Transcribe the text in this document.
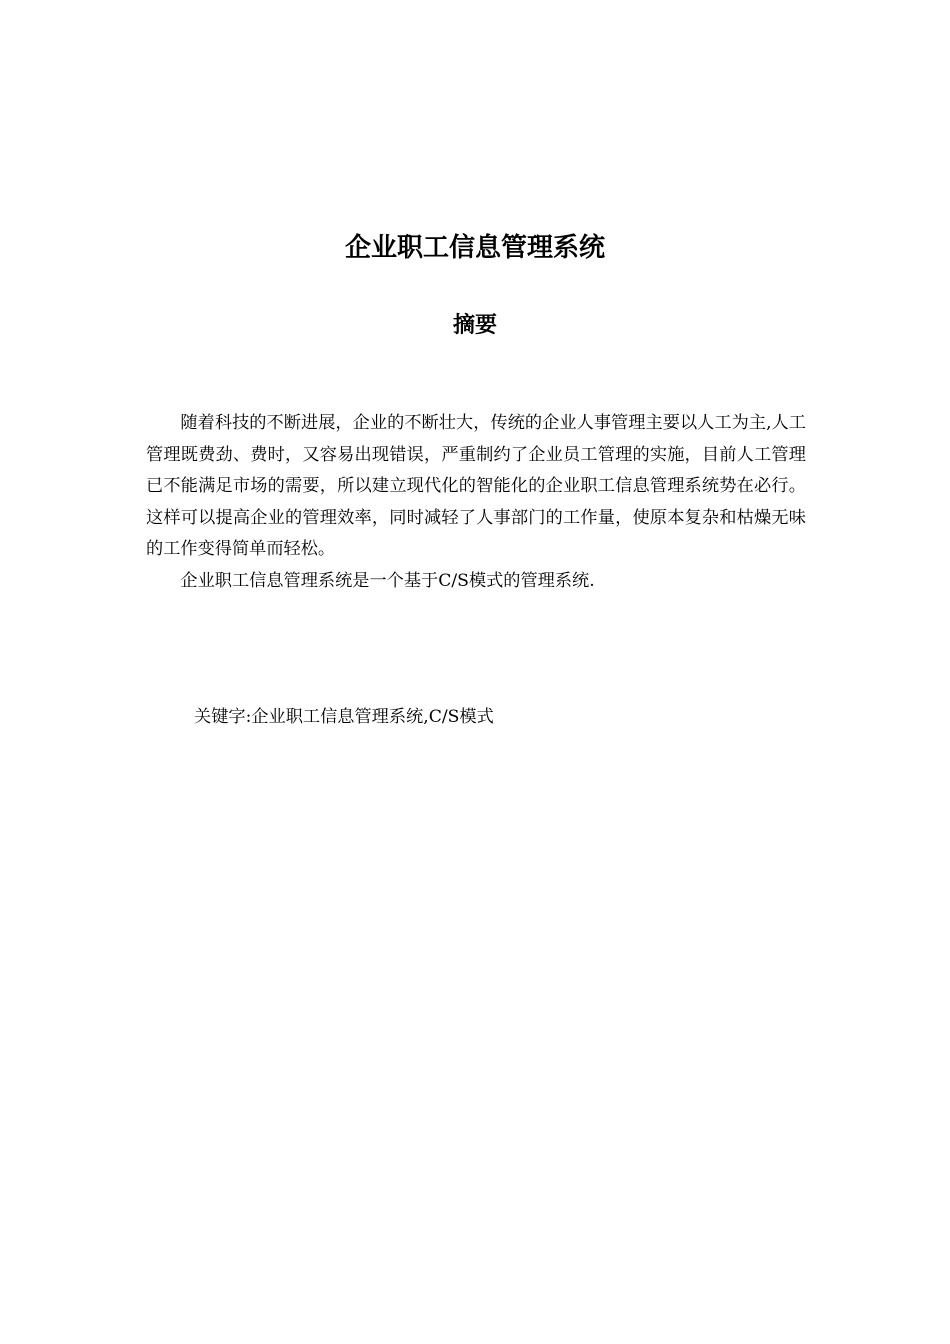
企业职工信息管理系统
摘要

随着科技的不断进展，企业的不断壮大，传统的企业人事管理主要以人工为主,人工管理既费劲、费时，又容易出现错误，严重制约了企业员工管理的实施，目前人工管理已不能满足市场的需要，所以建立现代化的智能化的企业职工信息管理系统势在必行。这样可以提高企业的管理效率，同时减轻了人事部门的工作量，使原本复杂和枯燥无味的工作变得简单而轻松。

企业职工信息管理系统是一个基于C/S模式的管理系统.

关键字:企业职工信息管理系统,C/S模式
